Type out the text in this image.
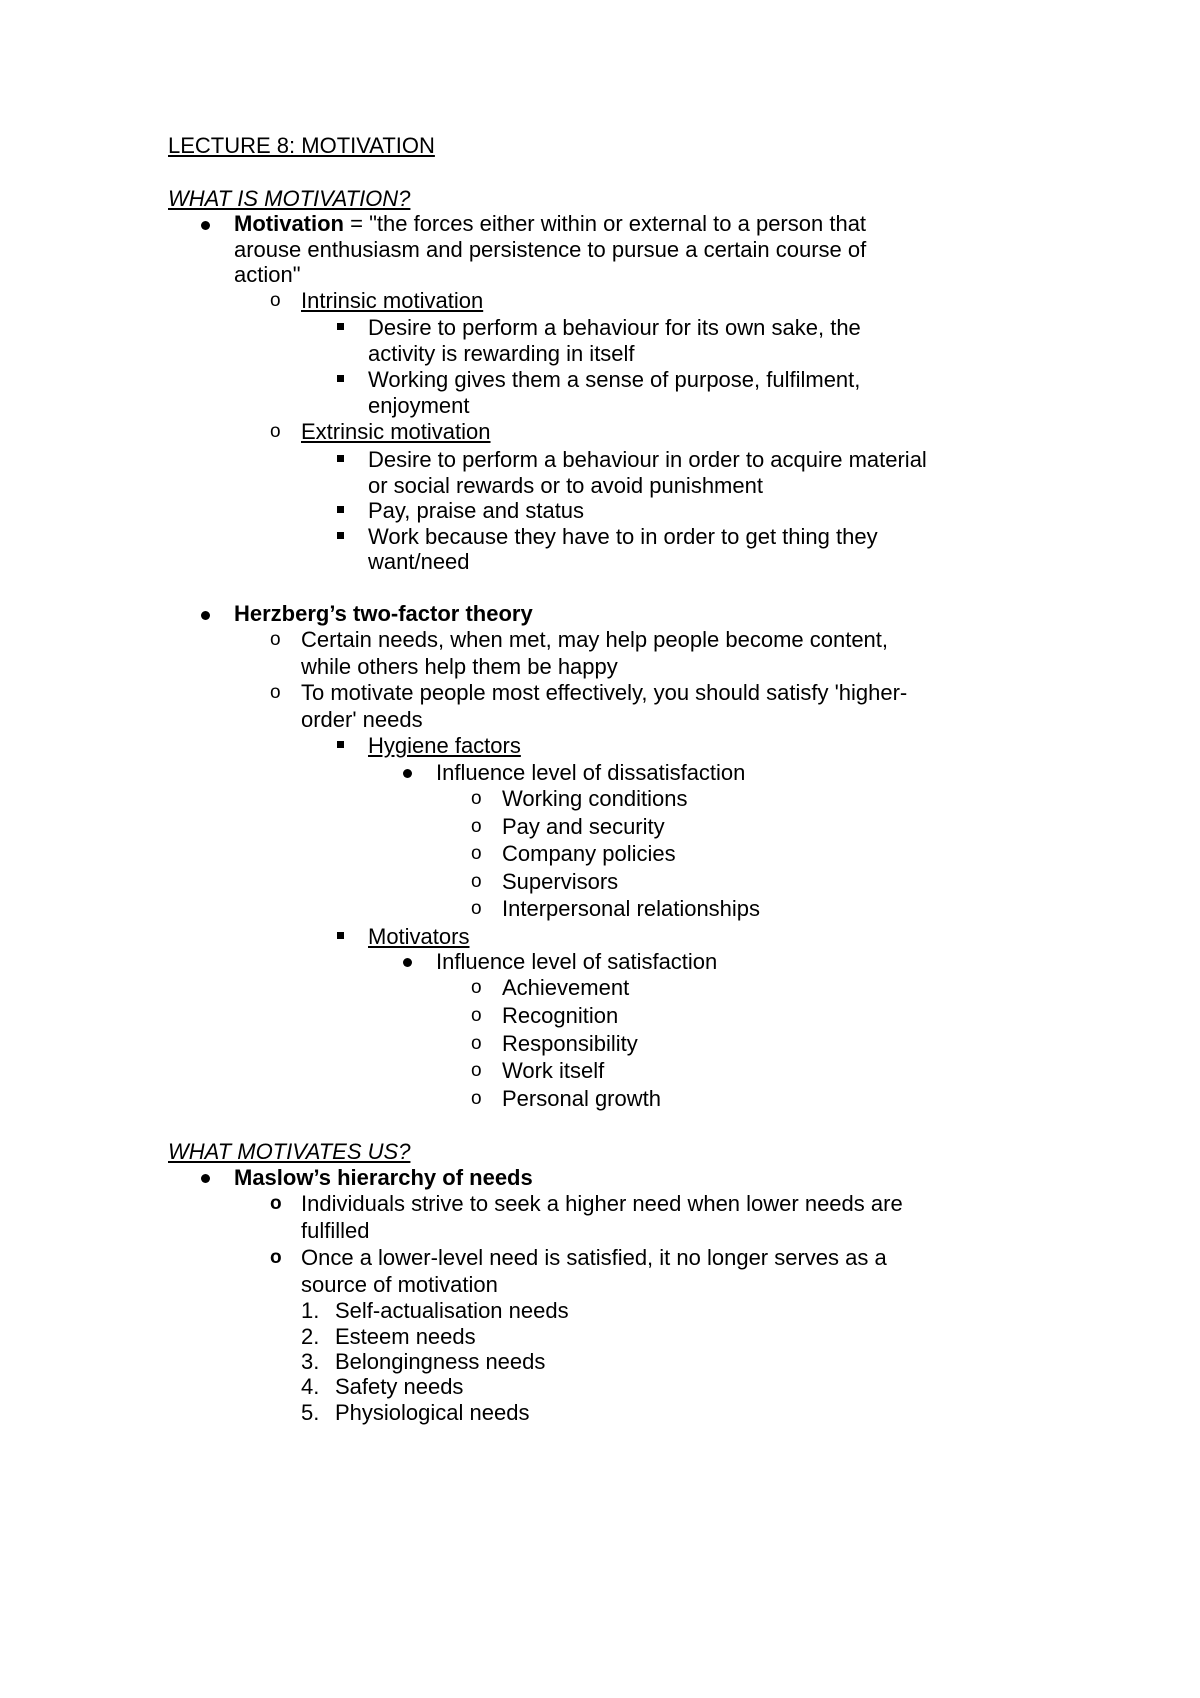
LECTURE 8: MOTIVATION
WHAT IS MOTIVATION?
Motivation = "the forces either within or external to a person that
arouse enthusiasm and persistence to pursue a certain course of
action"
o Intrinsic motivation
Desire to perform a behaviour for its own sake, the
activity is rewarding in itself
Working gives them a sense of purpose, fulfilment,
enjoyment
o Extrinsic motivation
Desire to perform a behaviour in order to acquire material
or social rewards or to avoid punishment
Pay, praise and status
Work because they have to in order to get thing they
want/need
Herzberg’s two-factor theory
o Certain needs, when met, may help people become content,
while others help them be happy
o To motivate people most effectively, you should satisfy 'higher-
order' needs
Hygiene factors
Influence level of dissatisfaction
o Working conditions
o Pay and security
o Company policies
o Supervisors
o Interpersonal relationships
Motivators
Influence level of satisfaction
o Achievement
o Recognition
o Responsibility
o Work itself
o Personal growth
WHAT MOTIVATES US?
Maslow’s hierarchy of needs
o Individuals strive to seek a higher need when lower needs are
fulfilled
o Once a lower-level need is satisfied, it no longer serves as a
source of motivation
1. Self-actualisation needs
2. Esteem needs
3. Belongingness needs
4. Safety needs
5. Physiological needs
